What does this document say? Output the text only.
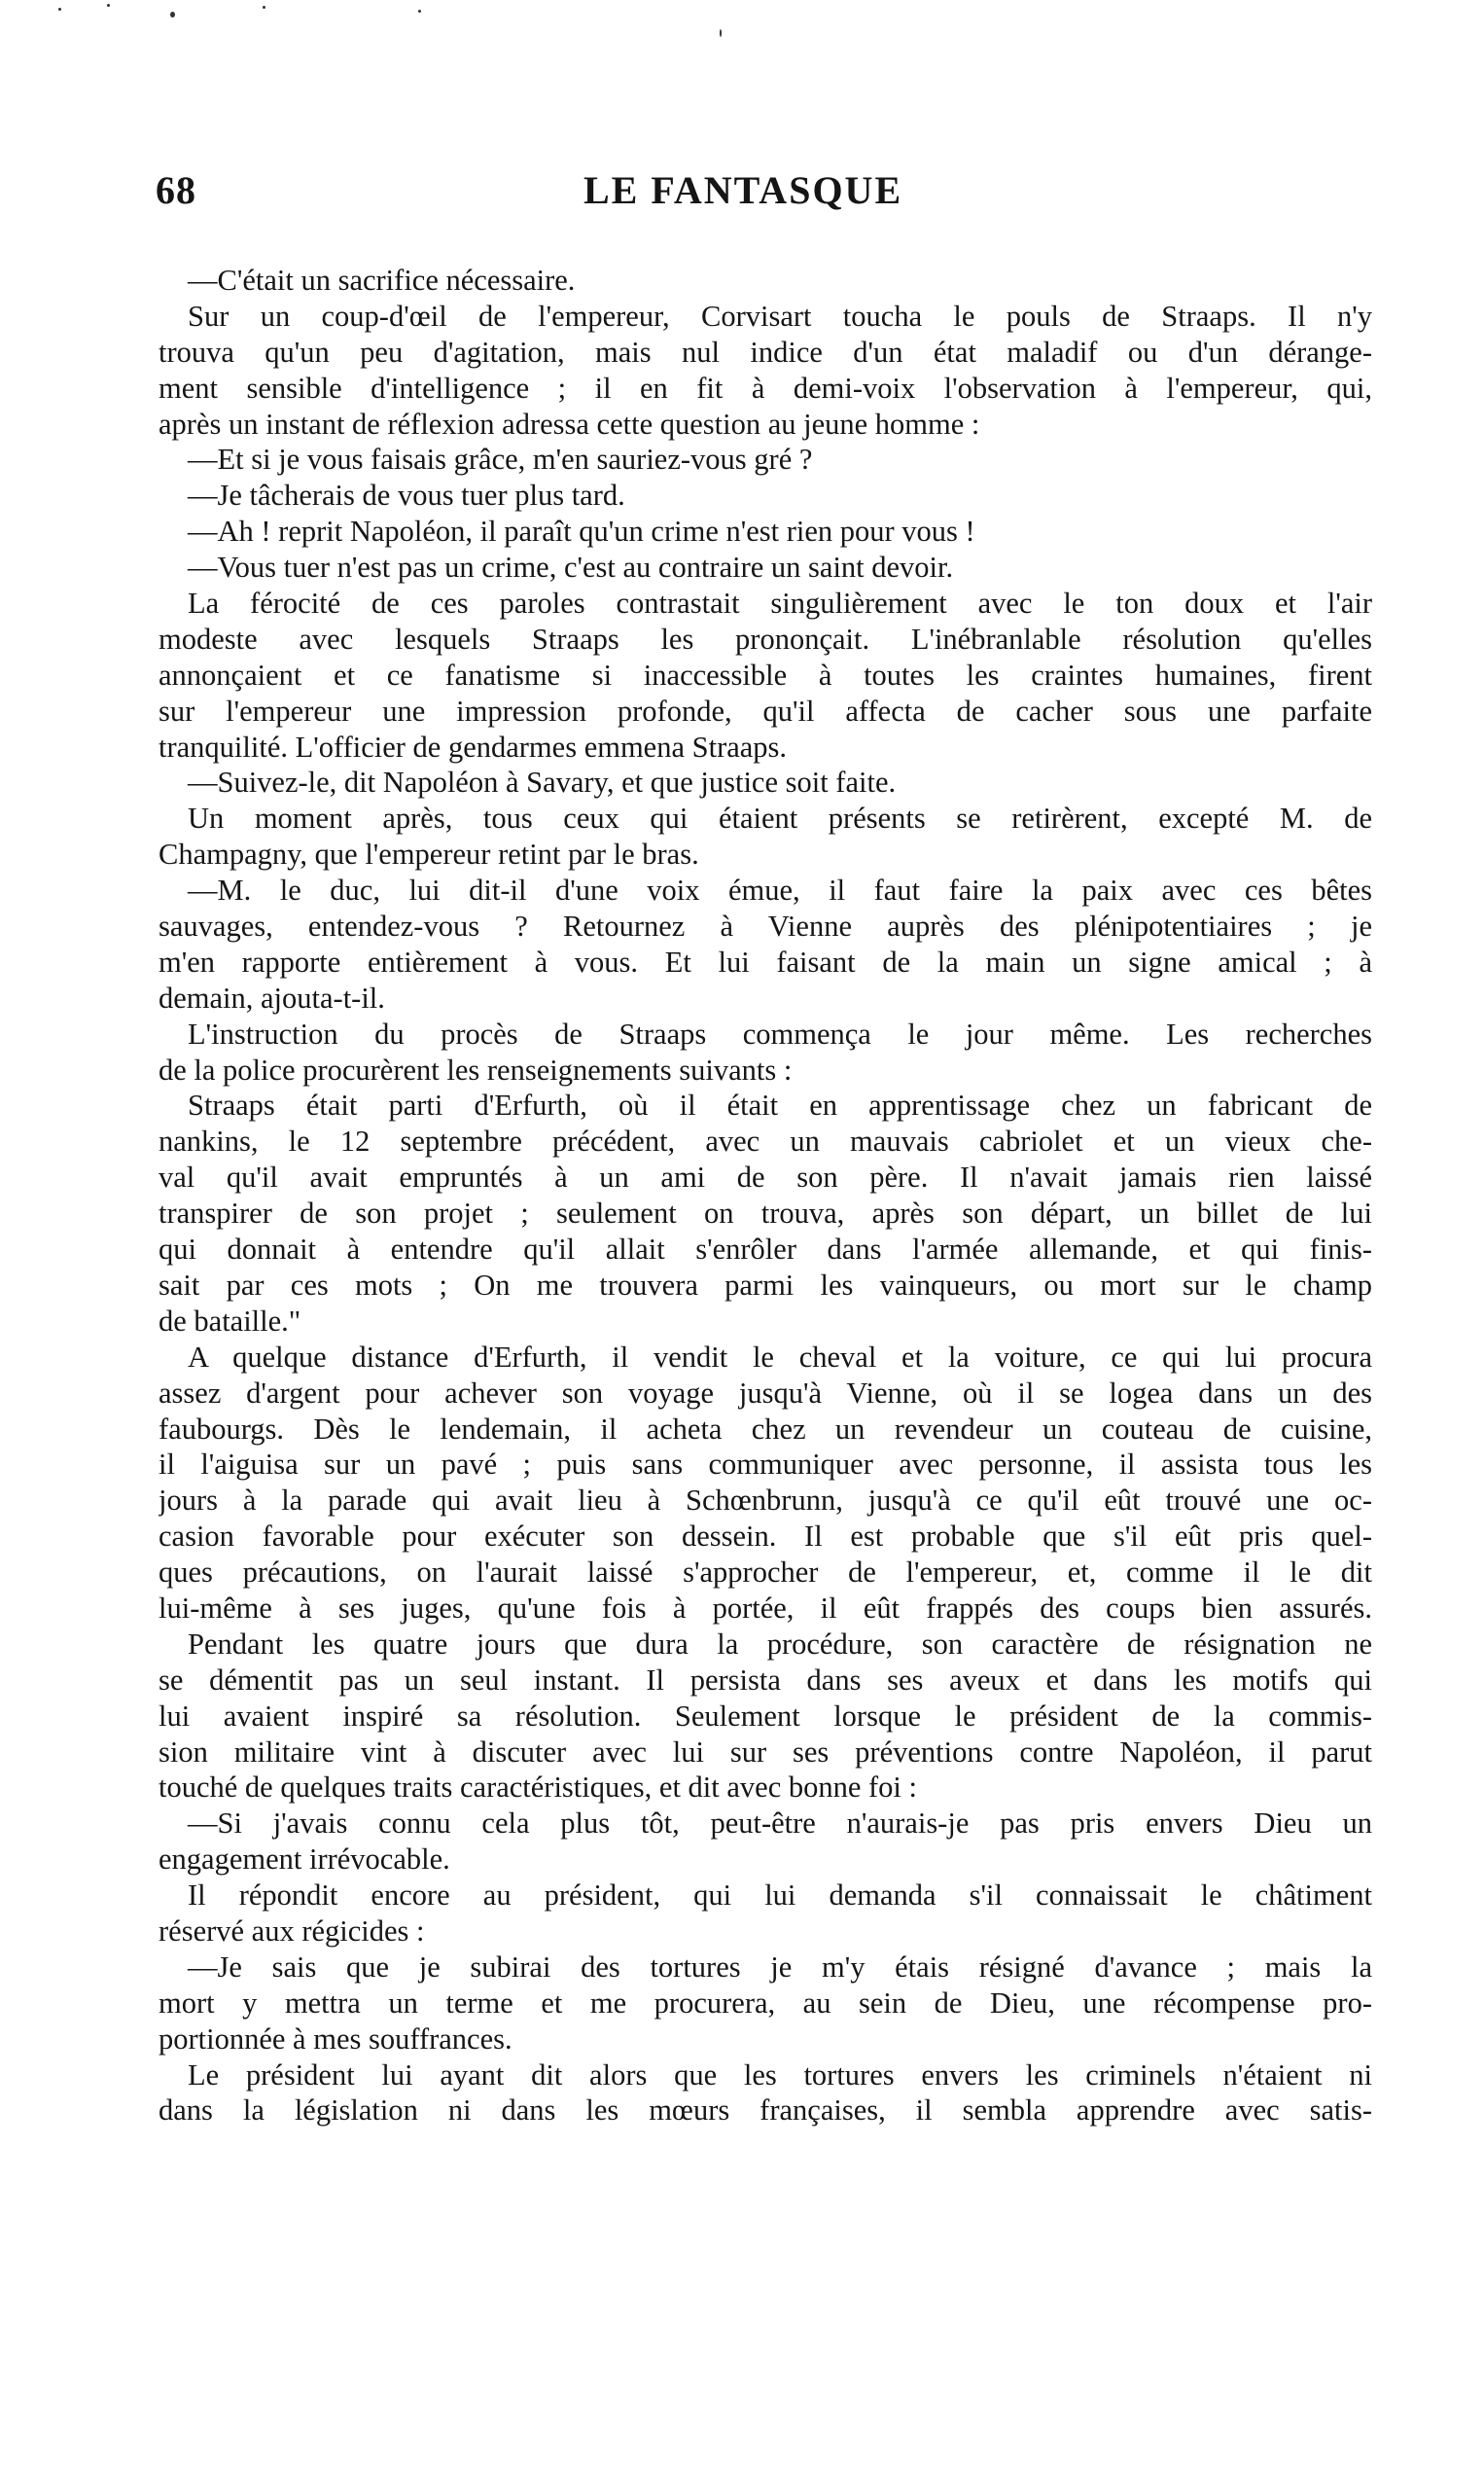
68	LE FANTASQUE
—C'était un sacrifice nécessaire.
Sur un coup-d'œil de l'empereur, Corvisart toucha le pouls de Straaps. Il n'y
trouva qu'un peu d'agitation, mais nul indice d'un état maladif ou d'un dérange-
ment sensible d'intelligence ; il en fit à demi-voix l'observation à l'empereur, qui,
après un instant de réflexion adressa cette question au jeune homme :
—Et si je vous faisais grâce, m'en sauriez-vous gré ?
—Je tâcherais de vous tuer plus tard.
—Ah ! reprit Napoléon, il paraît qu'un crime n'est rien pour vous !
—Vous tuer n'est pas un crime, c'est au contraire un saint devoir.
La férocité de ces paroles contrastait singulièrement avec le ton doux et l'air
modeste avec lesquels Straaps les prononçait. L'inébranlable résolution qu'elles
annonçaient et ce fanatisme si inaccessible à toutes les craintes humaines, firent
sur l'empereur une impression profonde, qu'il affecta de cacher sous une parfaite
tranquilité. L'officier de gendarmes emmena Straaps.
—Suivez-le, dit Napoléon à Savary, et que justice soit faite.
Un moment après, tous ceux qui étaient présents se retirèrent, excepté M. de
Champagny, que l'empereur retint par le bras.
—M. le duc, lui dit-il d'une voix émue, il faut faire la paix avec ces bêtes
sauvages, entendez-vous ? Retournez à Vienne auprès des plénipotentiaires ; je
m'en rapporte entièrement à vous. Et lui faisant de la main un signe amical ; à
demain, ajouta-t-il.
L'instruction du procès de Straaps commença le jour même. Les recherches
de la police procurèrent les renseignements suivants :
Straaps était parti d'Erfurth, où il était en apprentissage chez un fabricant de
nankins, le 12 septembre précédent, avec un mauvais cabriolet et un vieux che-
val qu'il avait empruntés à un ami de son père. Il n'avait jamais rien laissé
transpirer de son projet ; seulement on trouva, après son départ, un billet de lui
qui donnait à entendre qu'il allait s'enrôler dans l'armée allemande, et qui finis-
sait par ces mots ; On me trouvera parmi les vainqueurs, ou mort sur le champ
de bataille."
A quelque distance d'Erfurth, il vendit le cheval et la voiture, ce qui lui procura
assez d'argent pour achever son voyage jusqu'à Vienne, où il se logea dans un des
faubourgs. Dès le lendemain, il acheta chez un revendeur un couteau de cuisine,
il l'aiguisa sur un pavé ; puis sans communiquer avec personne, il assista tous les
jours à la parade qui avait lieu à Schœnbrunn, jusqu'à ce qu'il eût trouvé une oc-
casion favorable pour exécuter son dessein. Il est probable que s'il eût pris quel-
ques précautions, on l'aurait laissé s'approcher de l'empereur, et, comme il le dit
lui-même à ses juges, qu'une fois à portée, il eût frappés des coups bien assurés.
Pendant les quatre jours que dura la procédure, son caractère de résignation ne
se démentit pas un seul instant. Il persista dans ses aveux et dans les motifs qui
lui avaient inspiré sa résolution. Seulement lorsque le président de la commis-
sion militaire vint à discuter avec lui sur ses préventions contre Napoléon, il parut
touché de quelques traits caractéristiques, et dit avec bonne foi :
—Si j'avais connu cela plus tôt, peut-être n'aurais-je pas pris envers Dieu un
engagement irrévocable.
Il répondit encore au président, qui lui demanda s'il connaissait le châtiment
réservé aux régicides :
—Je sais que je subirai des tortures je m'y étais résigné d'avance ; mais la
mort y mettra un terme et me procurera, au sein de Dieu, une récompense pro-
portionnée à mes souffrances.
Le président lui ayant dit alors que les tortures envers les criminels n'étaient ni
dans la législation ni dans les mœurs françaises, il sembla apprendre avec satis-
